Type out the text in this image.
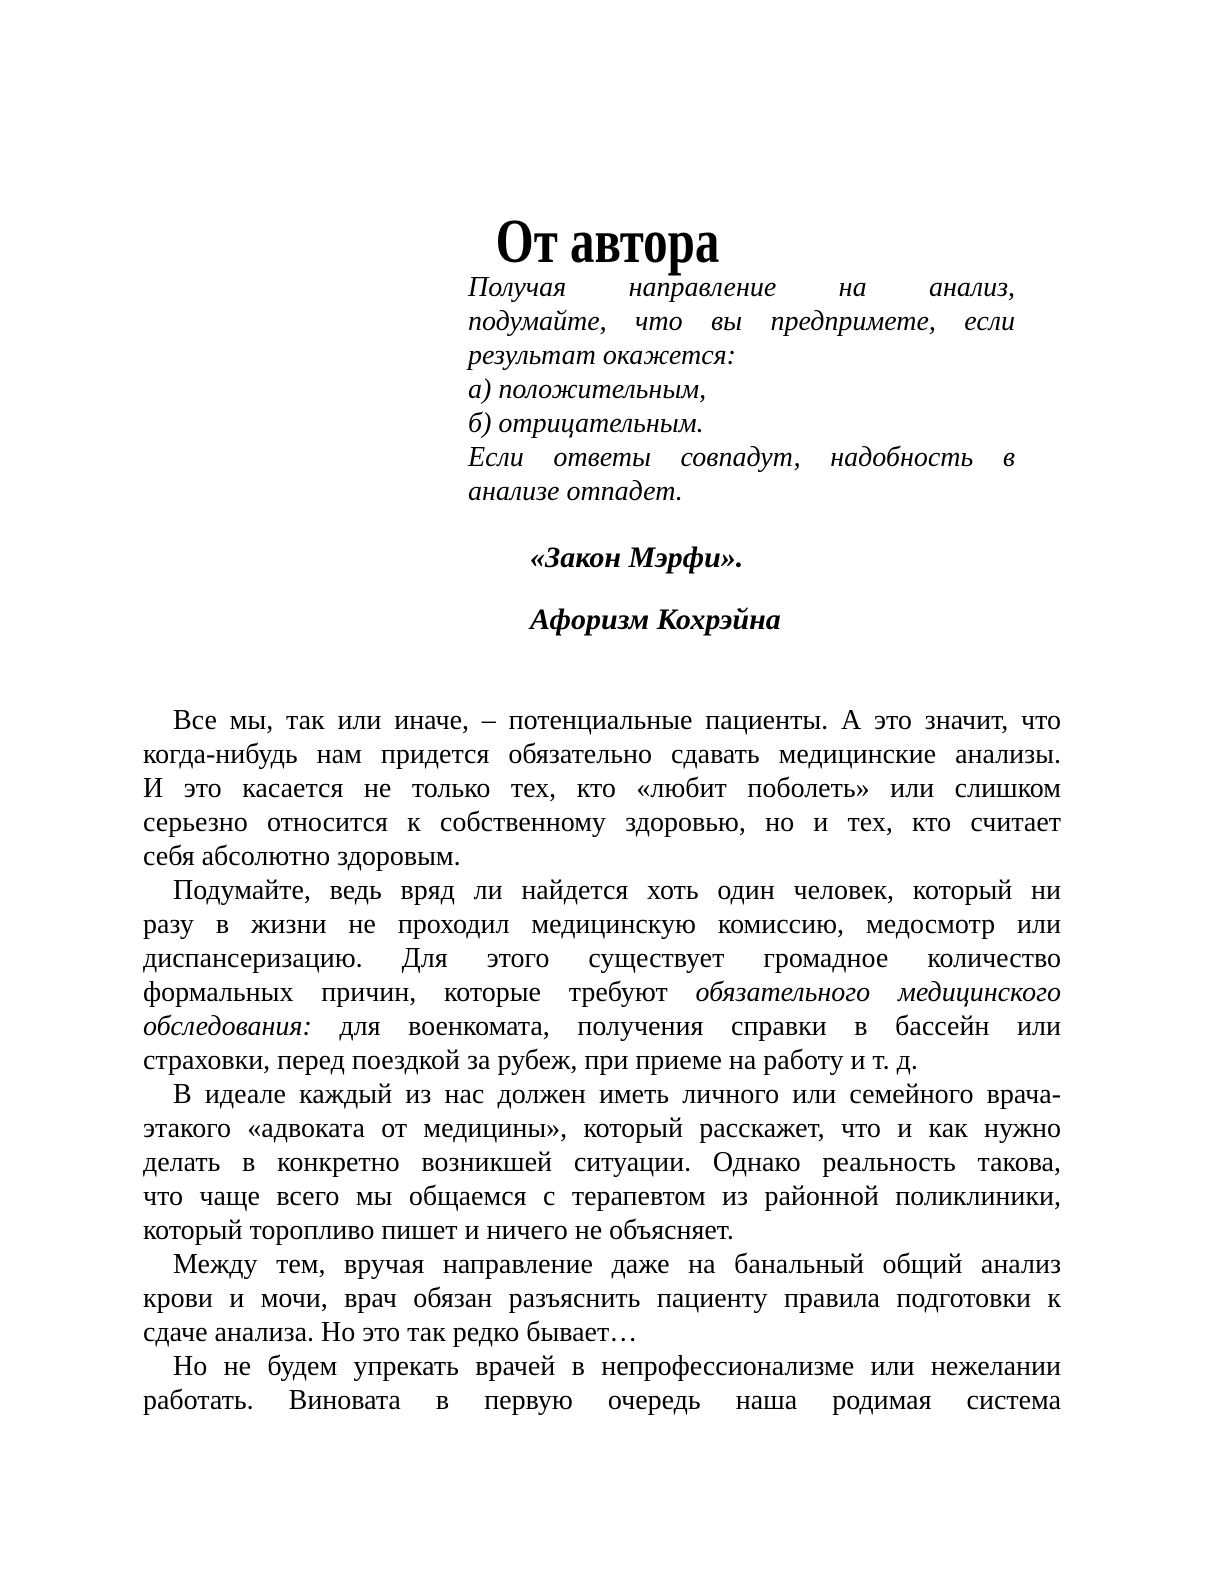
От автора
Получая направление на анализ,
подумайте, что вы предпримете, если
результат окажется:
а) положительным,
б) отрицательным.
Если ответы совпадут, надобность в
анализе отпадет.
«Закон Мэрфи».
Афоризм Кохрэйна
Все мы, так или иначе, – потенциальные пациенты. А это значит, что
когда-нибудь нам придется обязательно сдавать медицинские анализы.
И это касается не только тех, кто «любит поболеть» или слишком
серьезно относится к собственному здоровью, но и тех, кто считает
себя абсолютно здоровым.
Подумайте, ведь вряд ли найдется хоть один человек, который ни
разу в жизни не проходил медицинскую комиссию, медосмотр или
диспансеризацию. Для этого существует громадное количество
формальных причин, которые требуют обязательного медицинского
обследования: для военкомата, получения справки в бассейн или
страховки, перед поездкой за рубеж, при приеме на работу и т. д.
В идеале каждый из нас должен иметь личного или семейного врача-
этакого «адвоката от медицины», который расскажет, что и как нужно
делать в конкретно возникшей ситуации. Однако реальность такова,
что чаще всего мы общаемся с терапевтом из районной поликлиники,
который торопливо пишет и ничего не объясняет.
Между тем, вручая направление даже на банальный общий анализ
крови и мочи, врач обязан разъяснить пациенту правила подготовки к
сдаче анализа. Но это так редко бывает…
Но не будем упрекать врачей в непрофессионализме или нежелании
работать. Виновата в первую очередь наша родимая система
